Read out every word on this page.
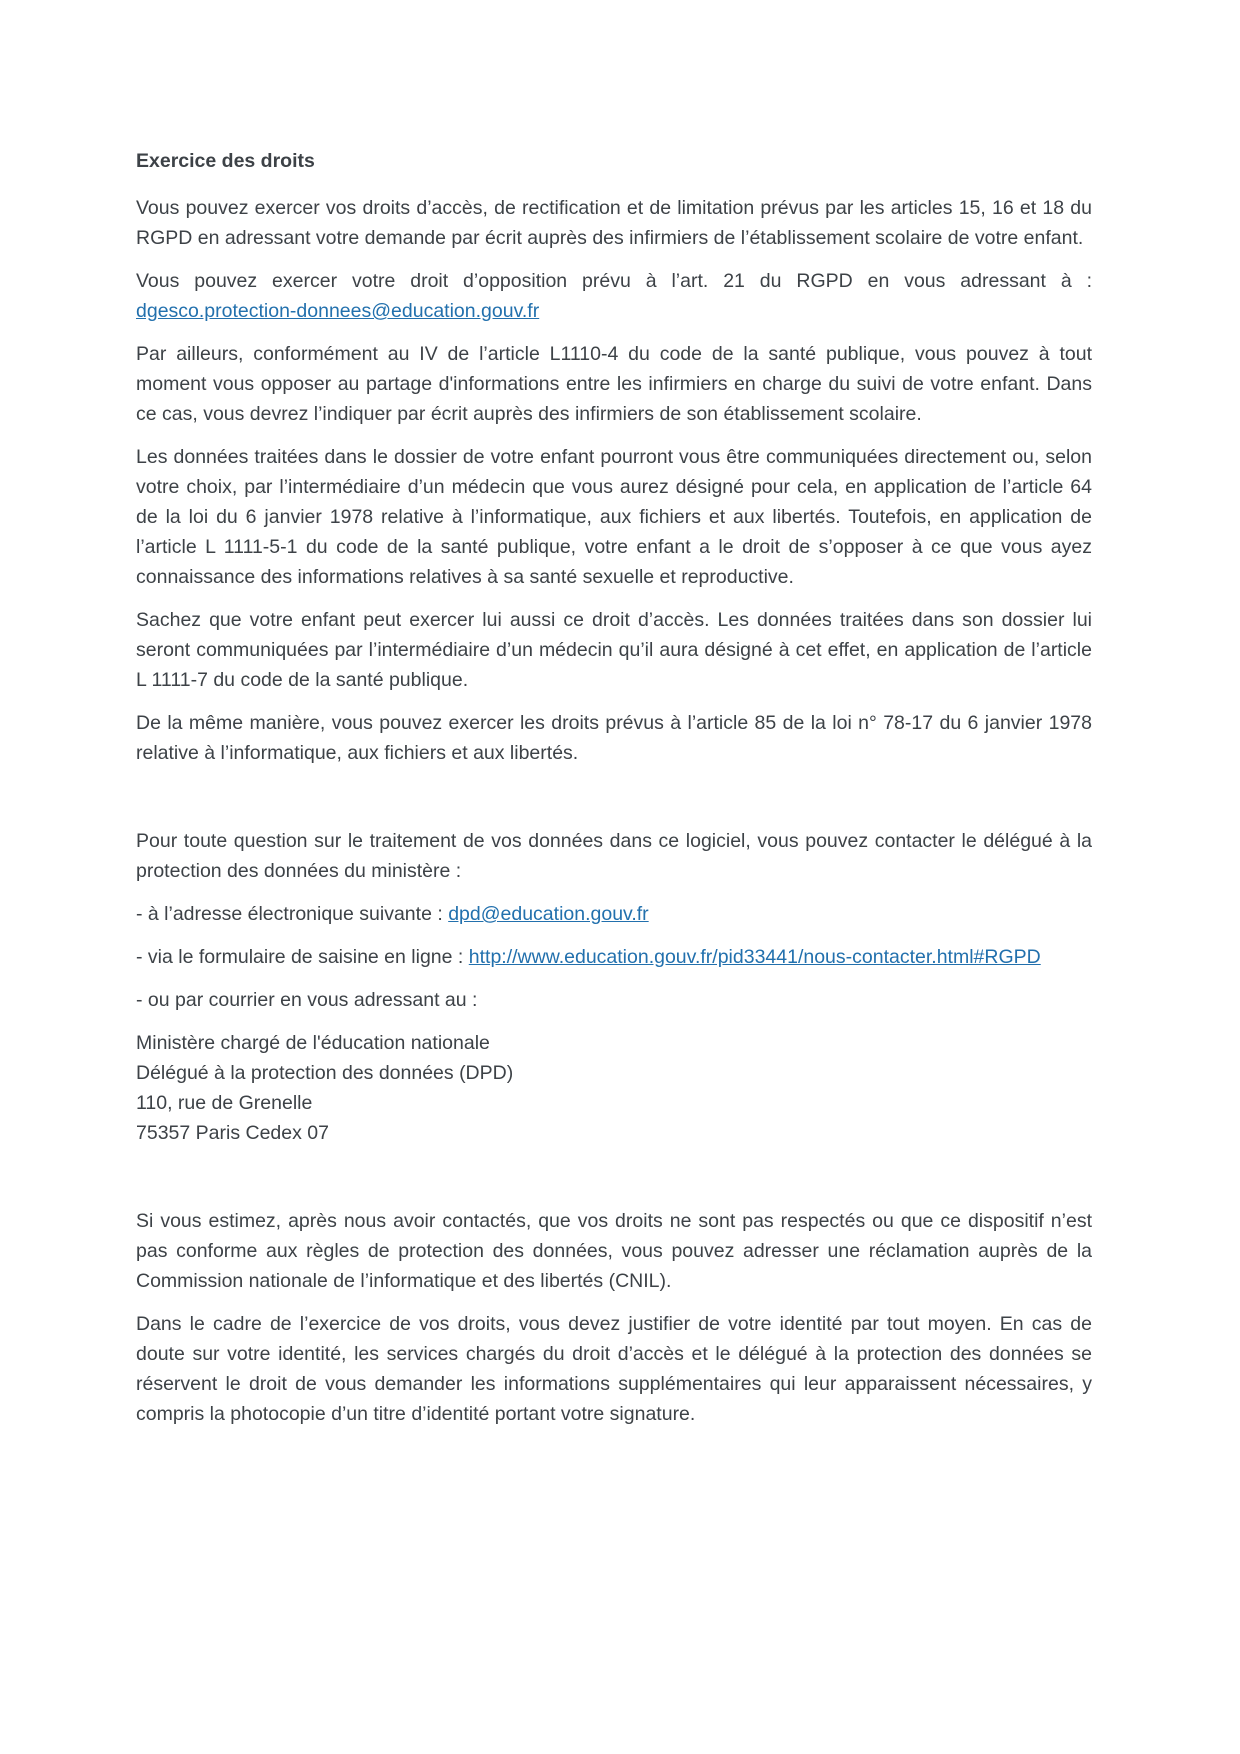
Exercice des droits

Vous pouvez exercer vos droits d’accès, de rectification et de limitation prévus par les articles 15, 16 et 18 du RGPD en adressant votre demande par écrit auprès des infirmiers de l’établissement scolaire de votre enfant.

Vous pouvez exercer votre droit d’opposition prévu à l’art. 21 du RGPD en vous adressant à : dgesco.protection-donnees@education.gouv.fr

Par ailleurs, conformément au IV de l’article L1110-4 du code de la santé publique, vous pouvez à tout moment vous opposer au partage d'informations entre les infirmiers en charge du suivi de votre enfant. Dans ce cas, vous devrez l’indiquer par écrit auprès des infirmiers de son établissement scolaire.

Les données traitées dans le dossier de votre enfant pourront vous être communiquées directement ou, selon votre choix, par l’intermédiaire d’un médecin que vous aurez désigné pour cela, en application de l’article 64 de la loi du 6 janvier 1978 relative à l’informatique, aux fichiers et aux libertés. Toutefois, en application de l’article L 1111-5-1 du code de la santé publique, votre enfant a le droit de s’opposer à ce que vous ayez connaissance des informations relatives à sa santé sexuelle et reproductive.

Sachez que votre enfant peut exercer lui aussi ce droit d’accès. Les données traitées dans son dossier lui seront communiquées par l’intermédiaire d’un médecin qu’il aura désigné à cet effet, en application de l’article L 1111-7 du code de la santé publique.

De la même manière, vous pouvez exercer les droits prévus à l’article 85 de la loi n° 78-17 du 6 janvier 1978 relative à l’informatique, aux fichiers et aux libertés.

Pour toute question sur le traitement de vos données dans ce logiciel, vous pouvez contacter le délégué à la protection des données du ministère :

- à l’adresse électronique suivante : dpd@education.gouv.fr

- via le formulaire de saisine en ligne : http://www.education.gouv.fr/pid33441/nous-contacter.html#RGPD

- ou par courrier en vous adressant au :

Ministère chargé de l'éducation nationale
Délégué à la protection des données (DPD)
110, rue de Grenelle
75357 Paris Cedex 07

Si vous estimez, après nous avoir contactés, que vos droits ne sont pas respectés ou que ce dispositif n’est pas conforme aux règles de protection des données, vous pouvez adresser une réclamation auprès de la Commission nationale de l’informatique et des libertés (CNIL).

Dans le cadre de l’exercice de vos droits, vous devez justifier de votre identité par tout moyen. En cas de doute sur votre identité, les services chargés du droit d’accès et le délégué à la protection des données se réservent le droit de vous demander les informations supplémentaires qui leur apparaissent nécessaires, y compris la photocopie d’un titre d’identité portant votre signature.
